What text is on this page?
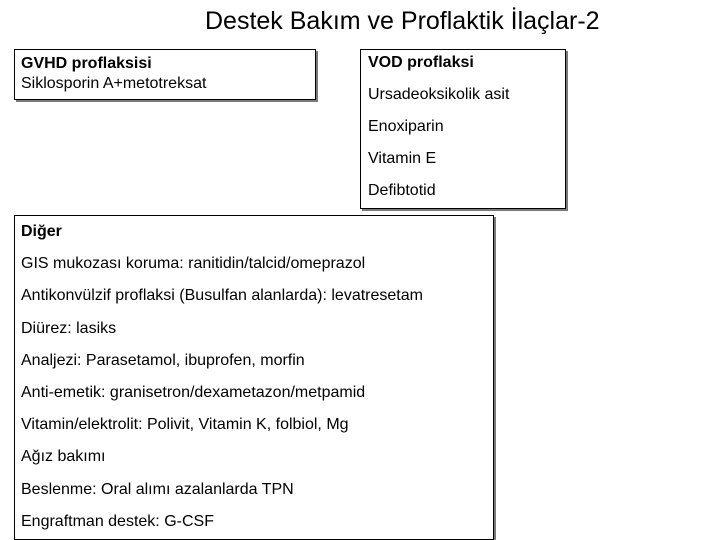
Destek Bakım ve Proflaktik İlaçlar-2
GVHD proflaksisi
Siklosporin A+metotreksat
VOD proflaksi
Ursadeoksikolik asit
Enoxiparin
Vitamin E
Defibtotid
Diğer
GIS mukozası koruma: ranitidin/talcid/omeprazol
Antikonvülzif proflaksi (Busulfan alanlarda): levatresetam
Diürez: lasiks
Analjezi: Parasetamol, ibuprofen, morfin
Anti-emetik: granisetron/dexametazon/metpamid
Vitamin/elektrolit: Polivit, Vitamin K, folbiol, Mg
Ağız bakımı
Beslenme: Oral alımı azalanlarda TPN
Engraftman destek: G-CSF
